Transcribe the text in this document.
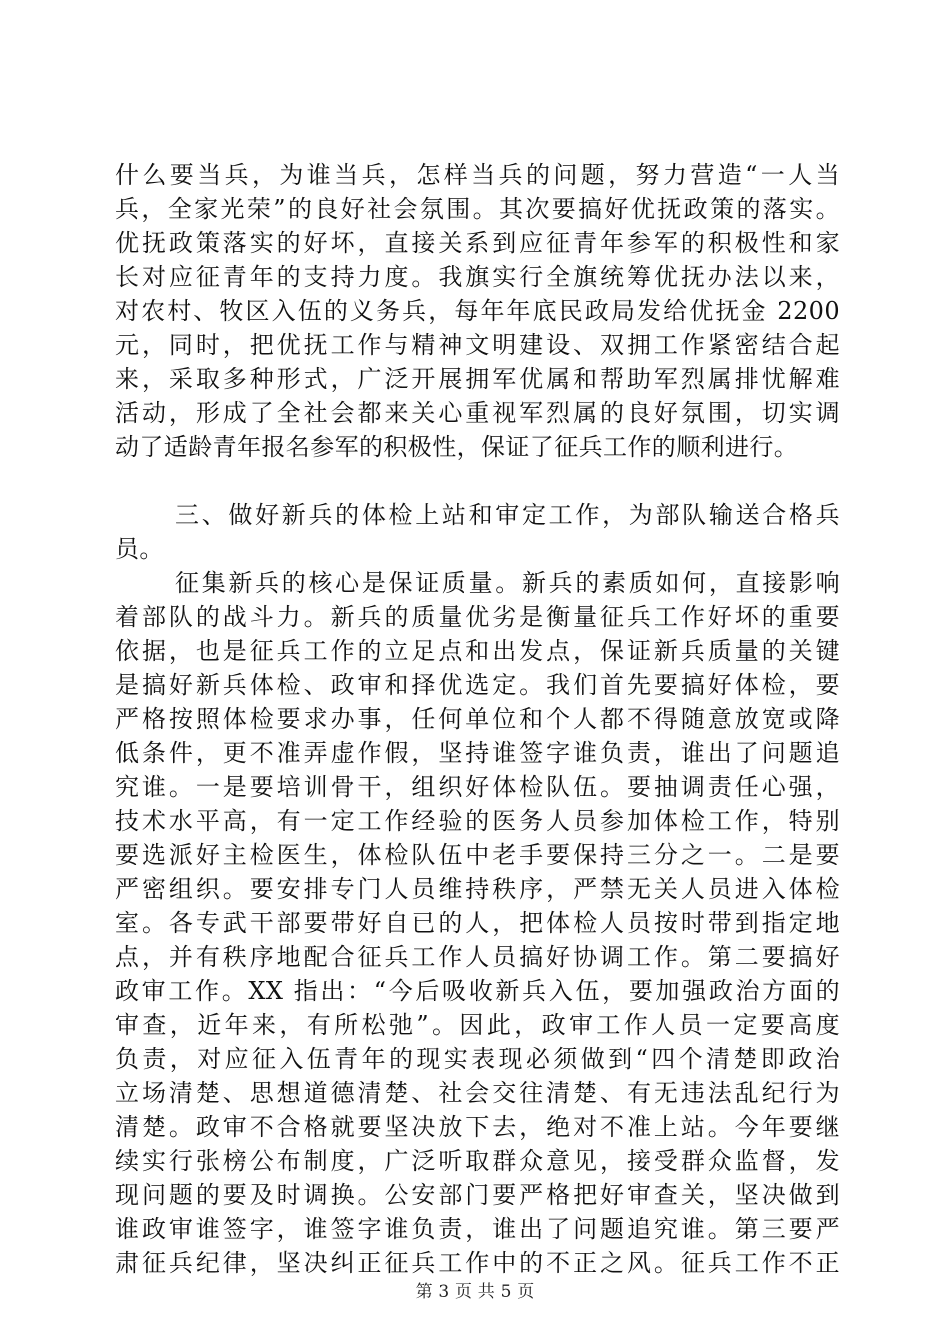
什么要当兵，为谁当兵，怎样当兵的问题，努力营造“一人当
兵，全家光荣”的良好社会氛围。其次要搞好优抚政策的落实。
优抚政策落实的好坏，直接关系到应征青年参军的积极性和家
长对应征青年的支持力度。我旗实行全旗统筹优抚办法以来，
对农村、牧区入伍的义务兵，每年年底民政局发给优抚金 2200
元，同时，把优抚工作与精神文明建设、双拥工作紧密结合起
来，采取多种形式，广泛开展拥军优属和帮助军烈属排忧解难
活动，形成了全社会都来关心重视军烈属的良好氛围，切实调
动了适龄青年报名参军的积极性，保证了征兵工作的顺利进行。
三、做好新兵的体检上站和审定工作，为部队输送合格兵
员。
征集新兵的核心是保证质量。新兵的素质如何，直接影响
着部队的战斗力。新兵的质量优劣是衡量征兵工作好坏的重要
依据，也是征兵工作的立足点和出发点，保证新兵质量的关键
是搞好新兵体检、政审和择优选定。我们首先要搞好体检，要
严格按照体检要求办事，任何单位和个人都不得随意放宽或降
低条件，更不准弄虚作假，坚持谁签字谁负责，谁出了问题追
究谁。一是要培训骨干，组织好体检队伍。要抽调责任心强，
技术水平高，有一定工作经验的医务人员参加体检工作，特别
要选派好主检医生，体检队伍中老手要保持三分之一。二是要
严密组织。要安排专门人员维持秩序，严禁无关人员进入体检
室。各专武干部要带好自已的人，把体检人员按时带到指定地
点，并有秩序地配合征兵工作人员搞好协调工作。第二要搞好
政审工作。XX 指出：“今后吸收新兵入伍，要加强政治方面的
审查，近年来，有所松弛”。因此，政审工作人员一定要高度
负责，对应征入伍青年的现实表现必须做到“四个清楚即政治
立场清楚、思想道德清楚、社会交往清楚、有无违法乱纪行为
清楚。政审不合格就要坚决放下去，绝对不准上站。今年要继
续实行张榜公布制度，广泛听取群众意见，接受群众监督，发
现问题的要及时调换。公安部门要严格把好审查关，坚决做到
谁政审谁签字，谁签字谁负责，谁出了问题追究谁。第三要严
肃征兵纪律，坚决纠正征兵工作中的不正之风。征兵工作不正
第 3 页 共 5 页
